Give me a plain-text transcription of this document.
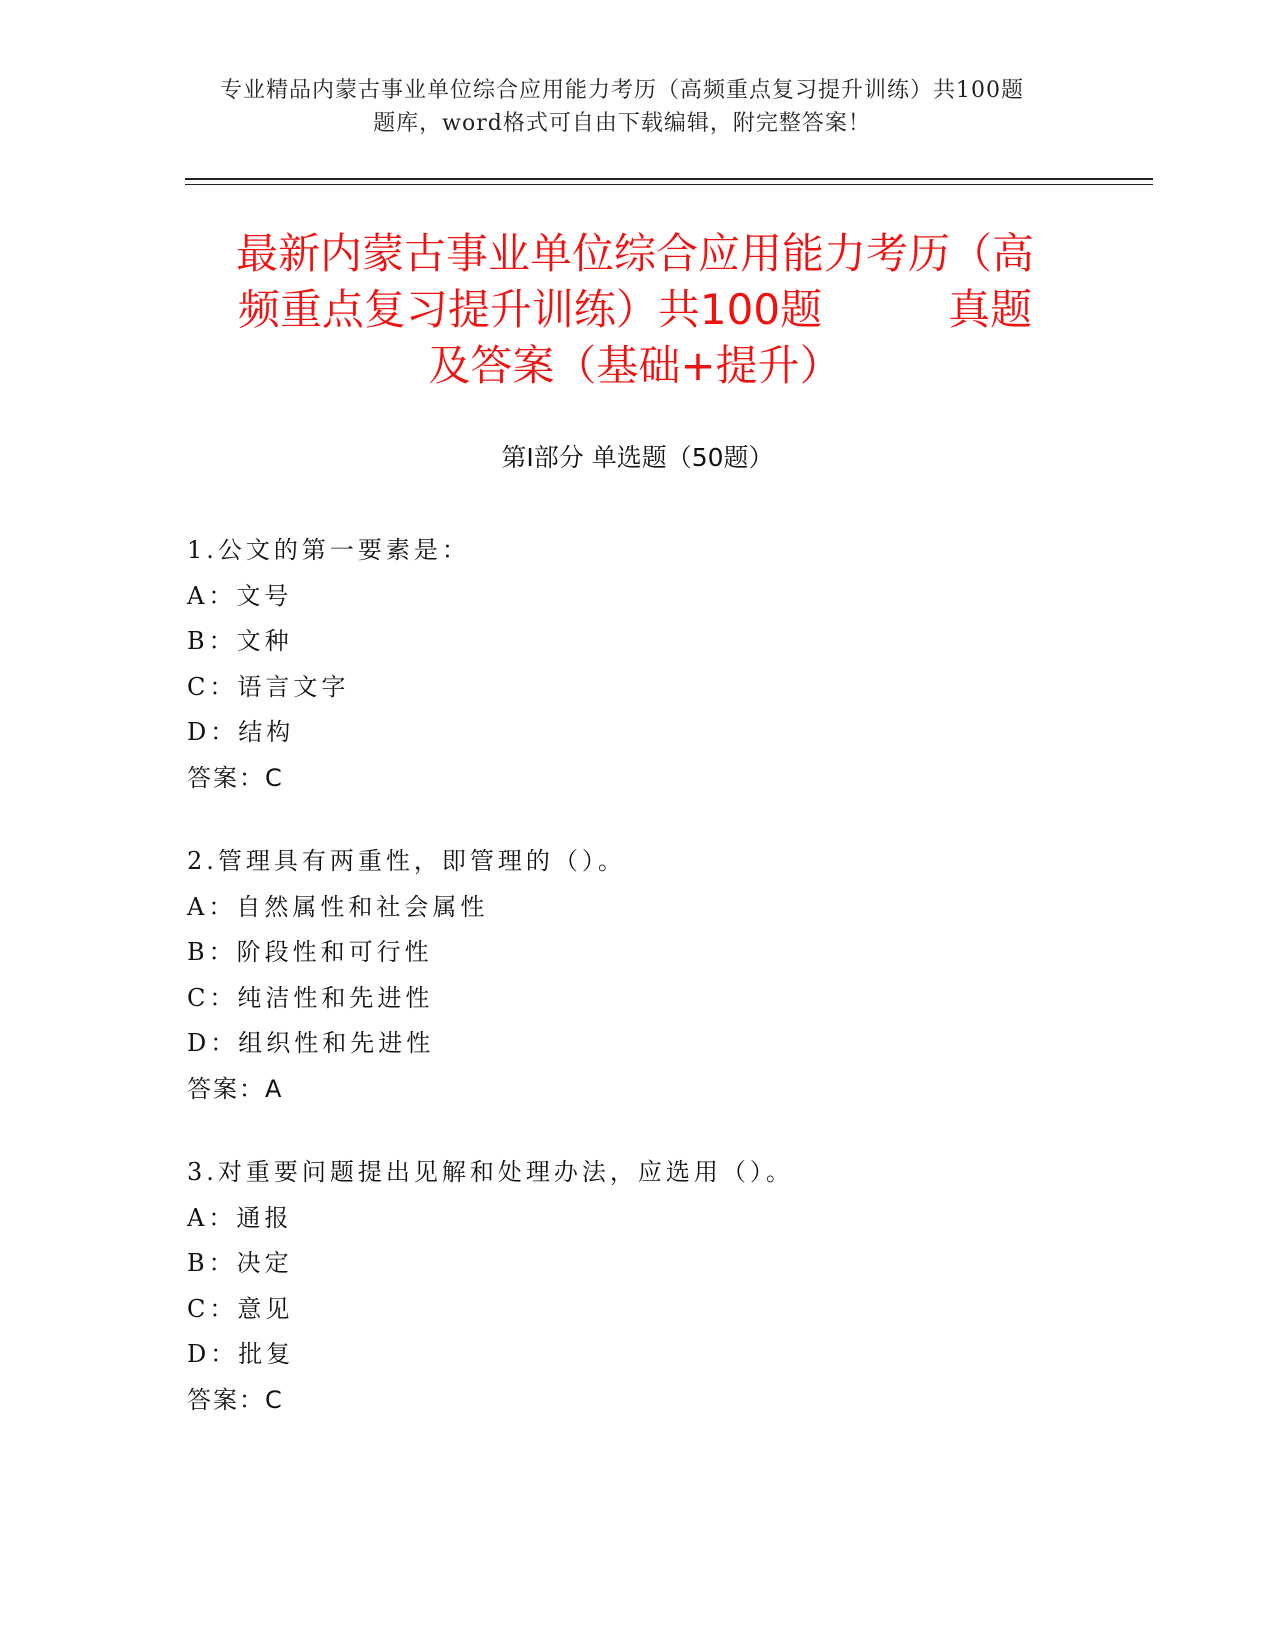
专业精品内蒙古事业单位综合应用能力考历（高频重点复习提升训练）共100题

题库，word格式可自由下载编辑，附完整答案！
最新内蒙古事业单位综合应用能力考历（高
频重点复习提升训练）共100题　　　真题
及答案（基础+提升）
第Ⅰ部分 单选题（50题）
1.公文的第一要素是：
A：文号
B：文种
C：语言文字
D：结构
答案：C
2.管理具有两重性，即管理的（）。
A：自然属性和社会属性
B：阶段性和可行性
C：纯洁性和先进性
D：组织性和先进性
答案：A
3.对重要问题提出见解和处理办法，应选用（）。
A：通报
B：决定
C：意见
D：批复
答案：C
